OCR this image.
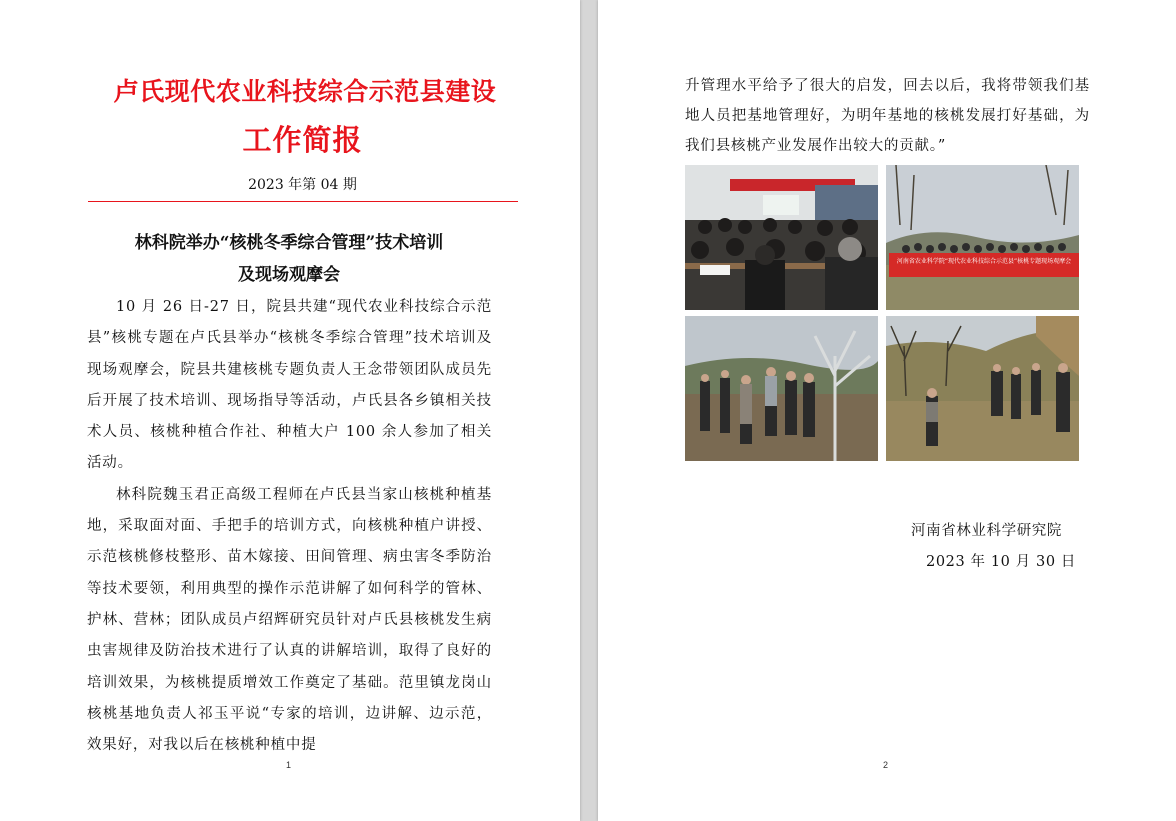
卢氏现代农业科技综合示范县建设
工作简报
2023 年第 04 期
林科院举办“核桃冬季综合管理”技术培训
及现场观摩会

10 月 26 日-27 日，院县共建“现代农业科技综合示范县”核桃专题在卢氏县举办“核桃冬季综合管理”技术培训及现场观摩会，院县共建核桃专题负责人王念带领团队成员先后开展了技术培训、现场指导等活动，卢氏县各乡镇相关技术人员、核桃种植合作社、种植大户 100 余人参加了相关活动。

林科院魏玉君正高级工程师在卢氏县当家山核桃种植基地，采取面对面、手把手的培训方式，向核桃种植户讲授、示范核桃修枝整形、苗木嫁接、田间管理、病虫害冬季防治等技术要领，利用典型的操作示范讲解了如何科学的管林、护林、营林；团队成员卢绍辉研究员针对卢氏县核桃发生病虫害规律及防治技术进行了认真的讲解培训，取得了良好的培训效果，为核桃提质增效工作奠定了基础。范里镇龙岗山核桃基地负责人祁玉平说“专家的培训，边讲解、边示范，效果好，对我以后在核桃种植中提

1
升管理水平给予了很大的启发，回去以后，我将带领我们基地人员把基地管理好，为明年基地的核桃发展打好基础，为我们县核桃产业发展作出较大的贡献。”
河南省农业科学院“现代农业科技综合示范县”核桃专题现场观摩会
河南省林业科学研究院
2023 年 10 月 30 日
2
